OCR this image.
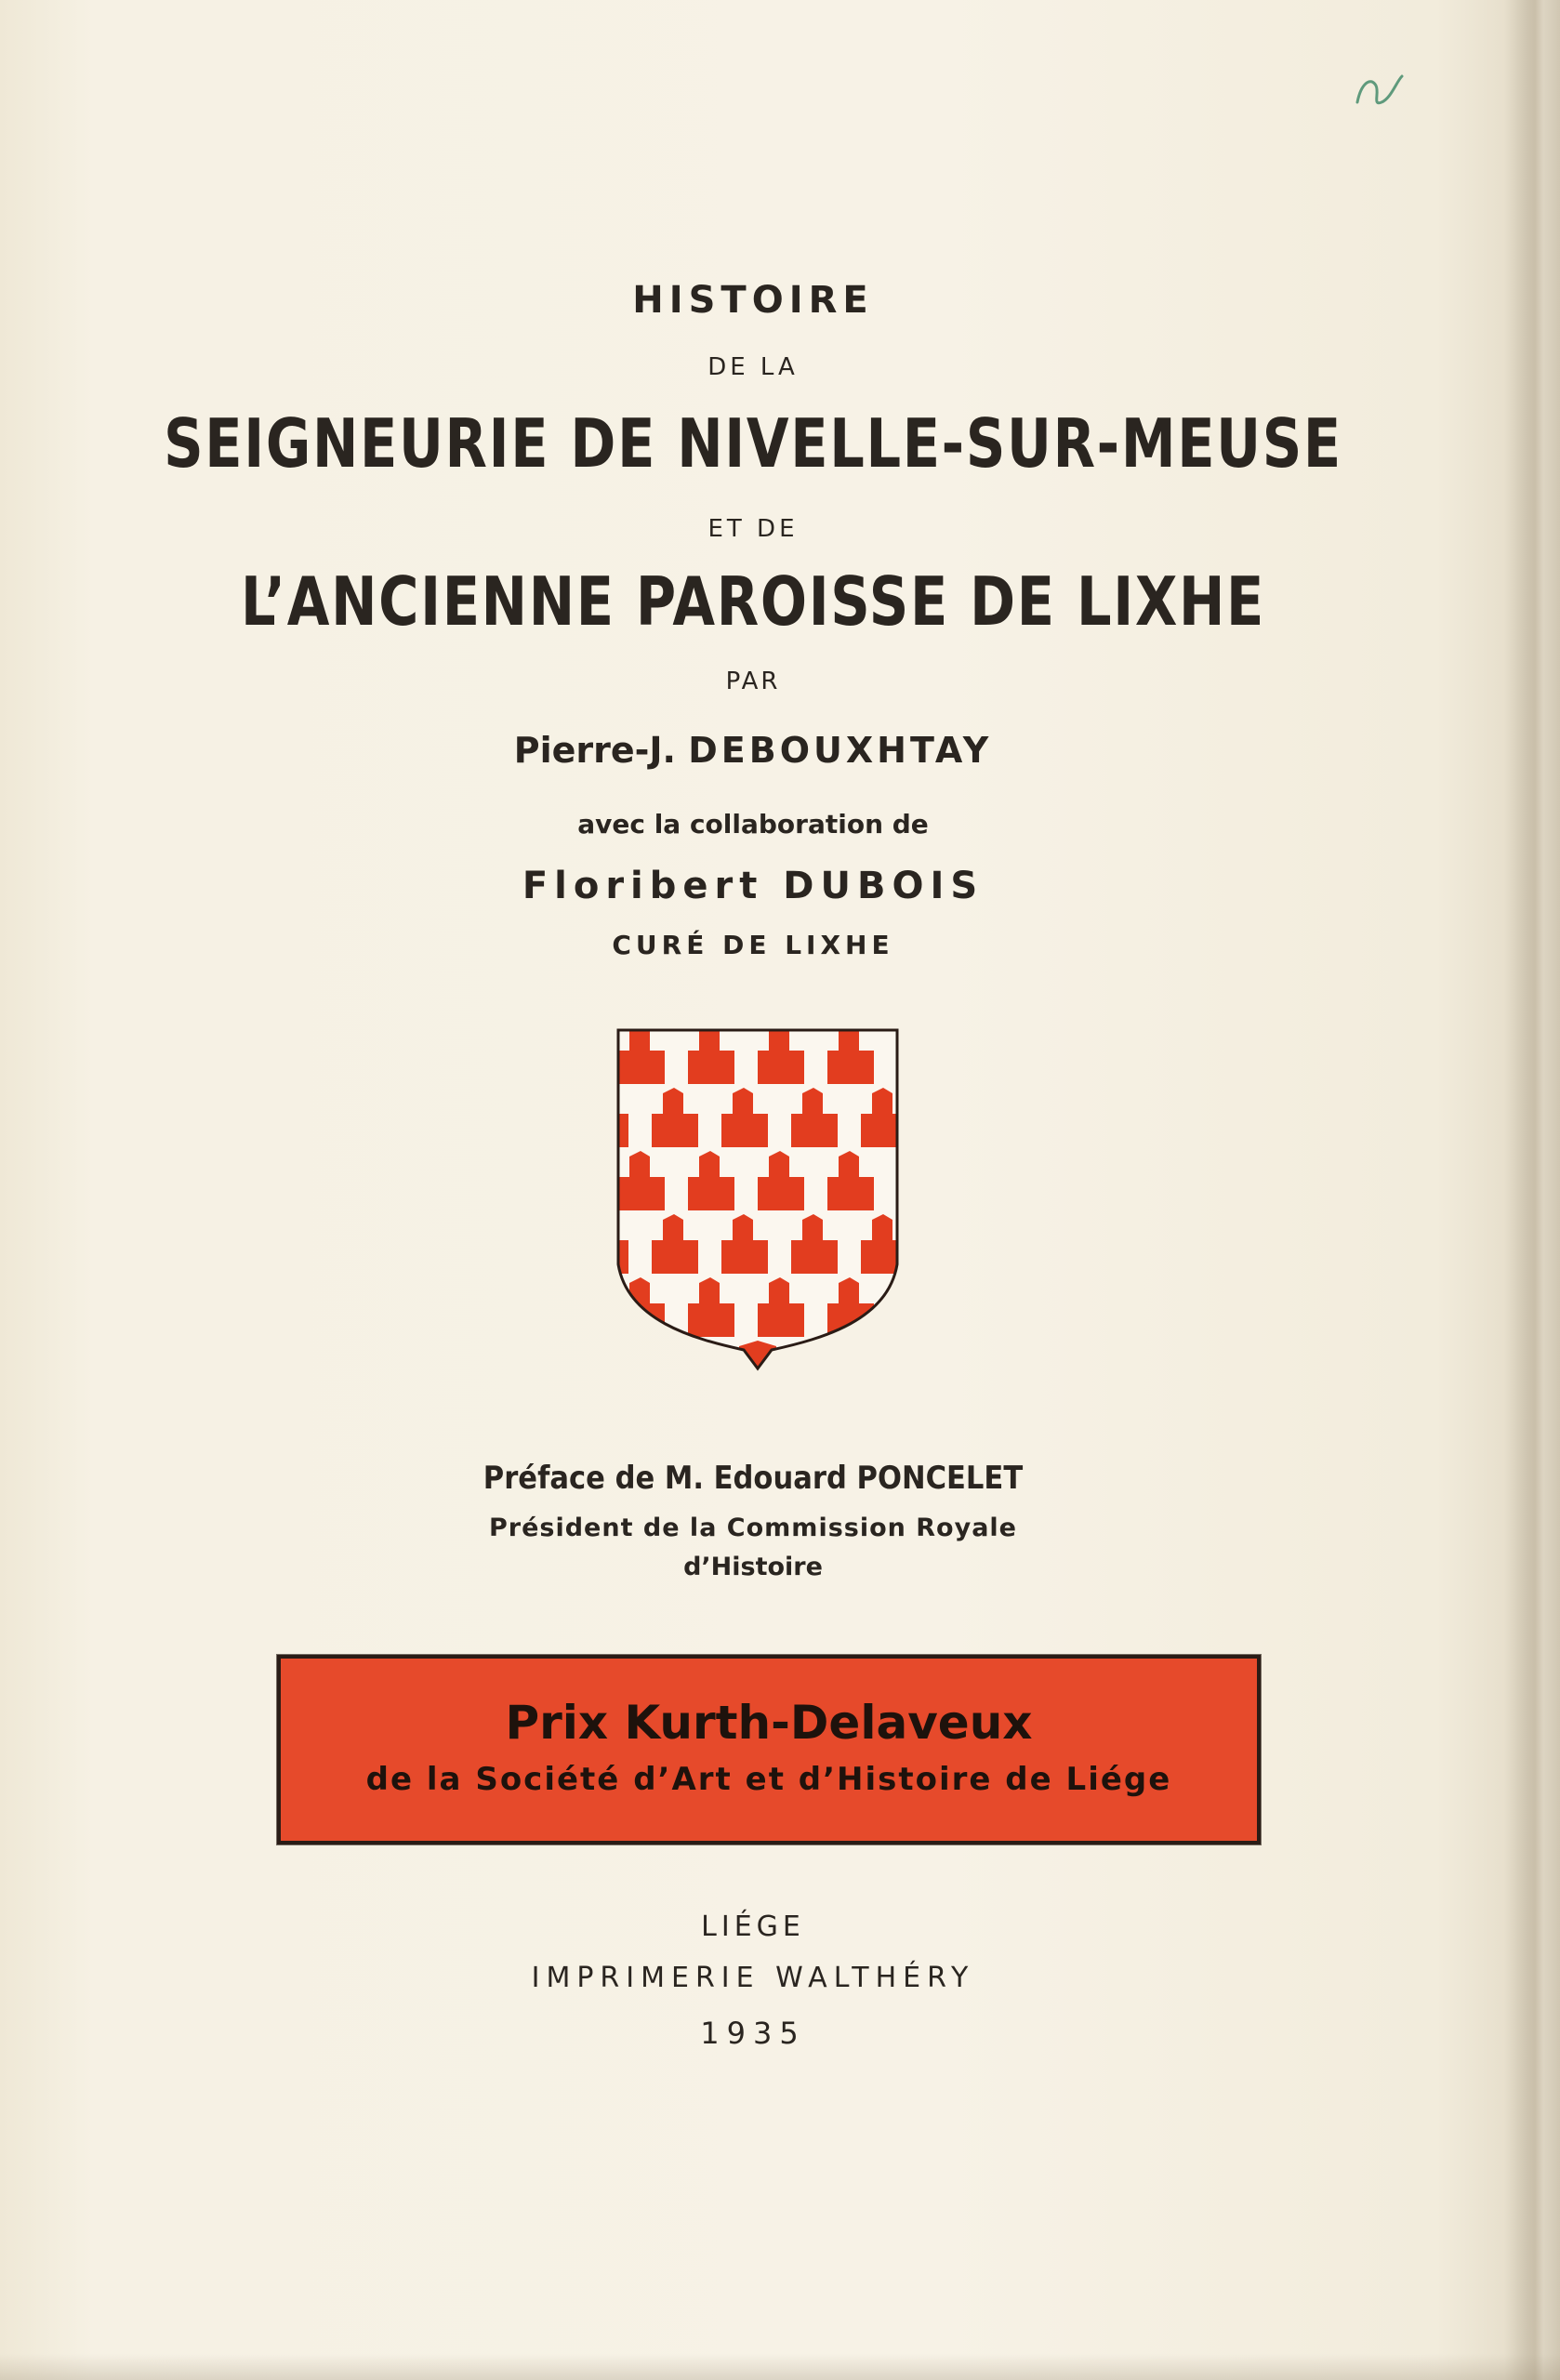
HISTOIRE
DE LA
SEIGNEURIE DE NIVELLE-SUR-MEUSE
ET DE
L’ANCIENNE PAROISSE DE LIXHE
PAR
Pierre-J. DEBOUXHTAY
avec la collaboration de
Floribert DUBOIS
CURÉ DE LIXHE
Préface de M. Edouard PONCELET
Président de la Commission Royale
d’Histoire
Prix Kurth-Delaveux
de la Société d’Art et d’Histoire de Liége
LIÉGE
IMPRIMERIE WALTHÉRY
1935
